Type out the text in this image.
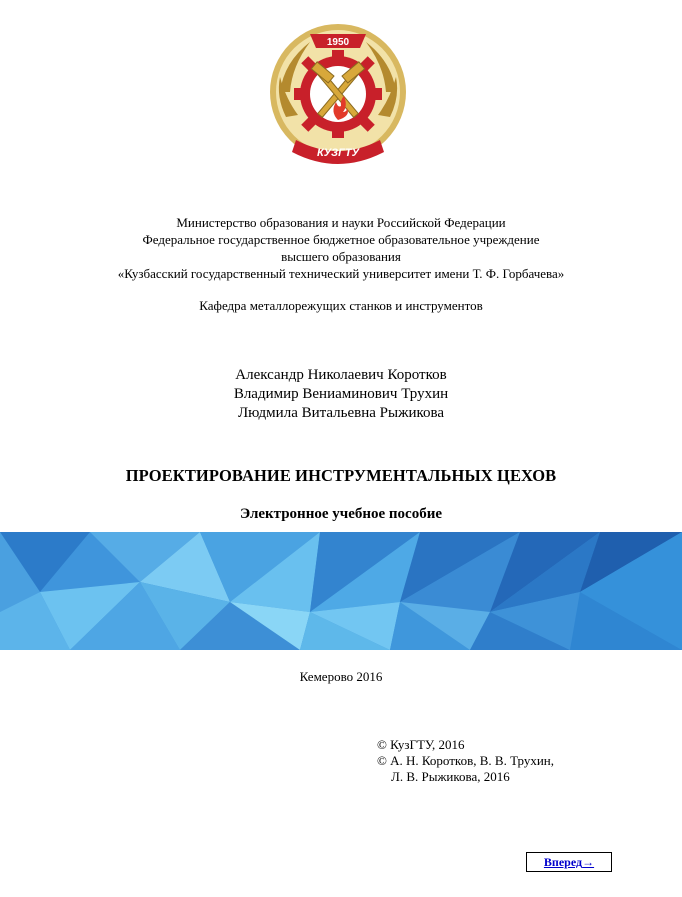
1950
КУЗГТУ
Министерство образования и науки Российской Федерации
Федеральное государственное бюджетное образовательное учреждение
высшего образования
«Кузбасский государственный технический университет имени Т. Ф. Горбачева»
Кафедра металлорежущих станков и инструментов
Александр Николаевич Коротков
Владимир Вениаминович Трухин
Людмила Витальевна Рыжикова
ПРОЕКТИРОВАНИЕ ИНСТРУМЕНТАЛЬНЫХ ЦЕХОВ
Электронное учебное пособие
Кемерово 2016
© КузГТУ, 2016
© А. Н. Коротков, В. В. Трухин,
Л. В. Рыжикова, 2016
Вперед→
